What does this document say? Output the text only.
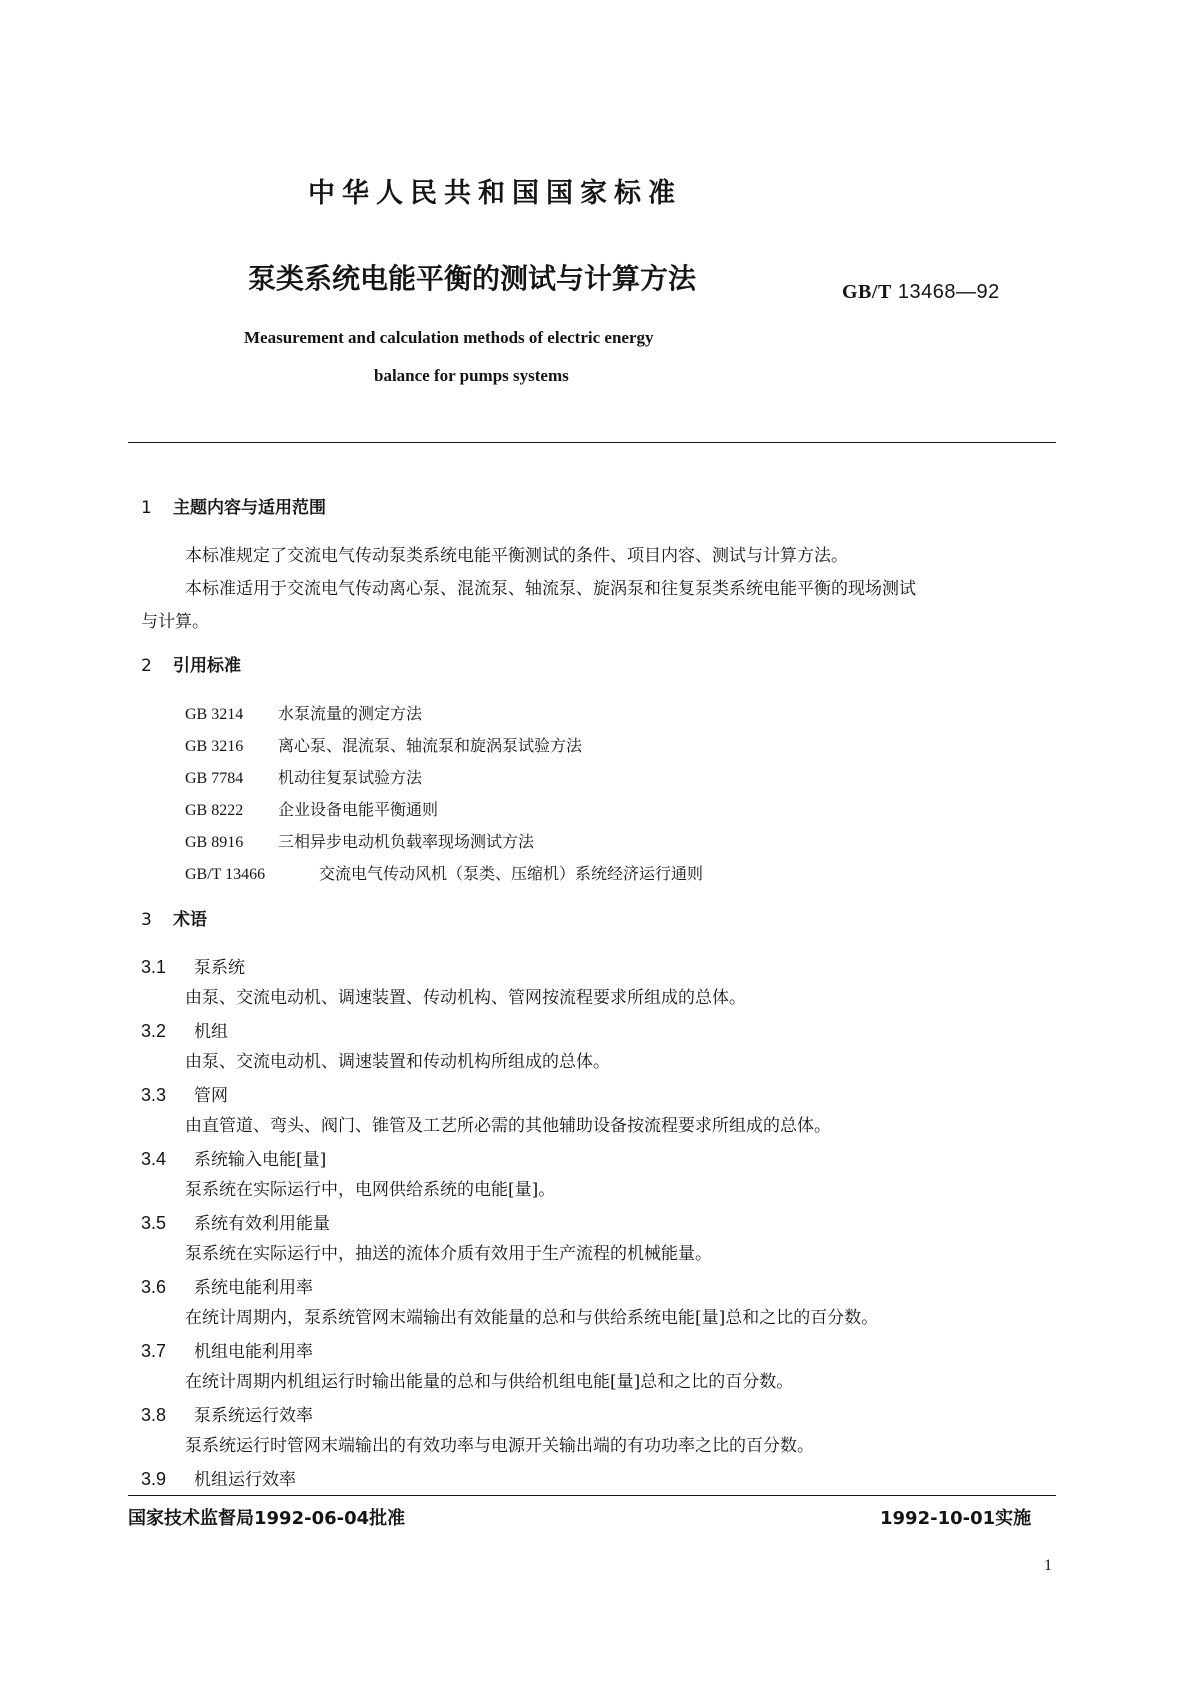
中华人民共和国国家标准
泵类系统电能平衡的测试与计算方法	GB/T 13468—92
Measurement and calculation methods of electric energy
balance for pumps systems
1 主题内容与适用范围
本标准规定了交流电气传动泵类系统电能平衡测试的条件、项目内容、测试与计算方法。
本标准适用于交流电气传动离心泵、混流泵、轴流泵、旋涡泵和往复泵类系统电能平衡的现场测试
与计算。
2 引用标准
GB 3214 水泵流量的测定方法
GB 3216 离心泵、混流泵、轴流泵和旋涡泵试验方法
GB 7784 机动往复泵试验方法
GB 8222 企业设备电能平衡通则
GB 8916 三相异步电动机负载率现场测试方法
GB/T 13466	交流电气传动风机（泵类、压缩机）系统经济运行通则
3 术语
3.1 泵系统
由泵、交流电动机、调速装置、传动机构、管网按流程要求所组成的总体。
3.2 机组
由泵、交流电动机、调速装置和传动机构所组成的总体。
3.3 管网
由直管道、弯头、阀门、锥管及工艺所必需的其他辅助设备按流程要求所组成的总体。
3.4 系统输入电能[量]
泵系统在实际运行中，电网供给系统的电能[量]。
3.5 系统有效利用能量
泵系统在实际运行中，抽送的流体介质有效用于生产流程的机械能量。
3.6 系统电能利用率
在统计周期内，泵系统管网末端输出有效能量的总和与供给系统电能[量]总和之比的百分数。
3.7 机组电能利用率
在统计周期内机组运行时输出能量的总和与供给机组电能[量]总和之比的百分数。
3.8 泵系统运行效率
泵系统运行时管网末端输出的有效功率与电源开关输出端的有功功率之比的百分数。
3.9 机组运行效率
国家技术监督局1992-06-04批准	1992-10-01实施
1
